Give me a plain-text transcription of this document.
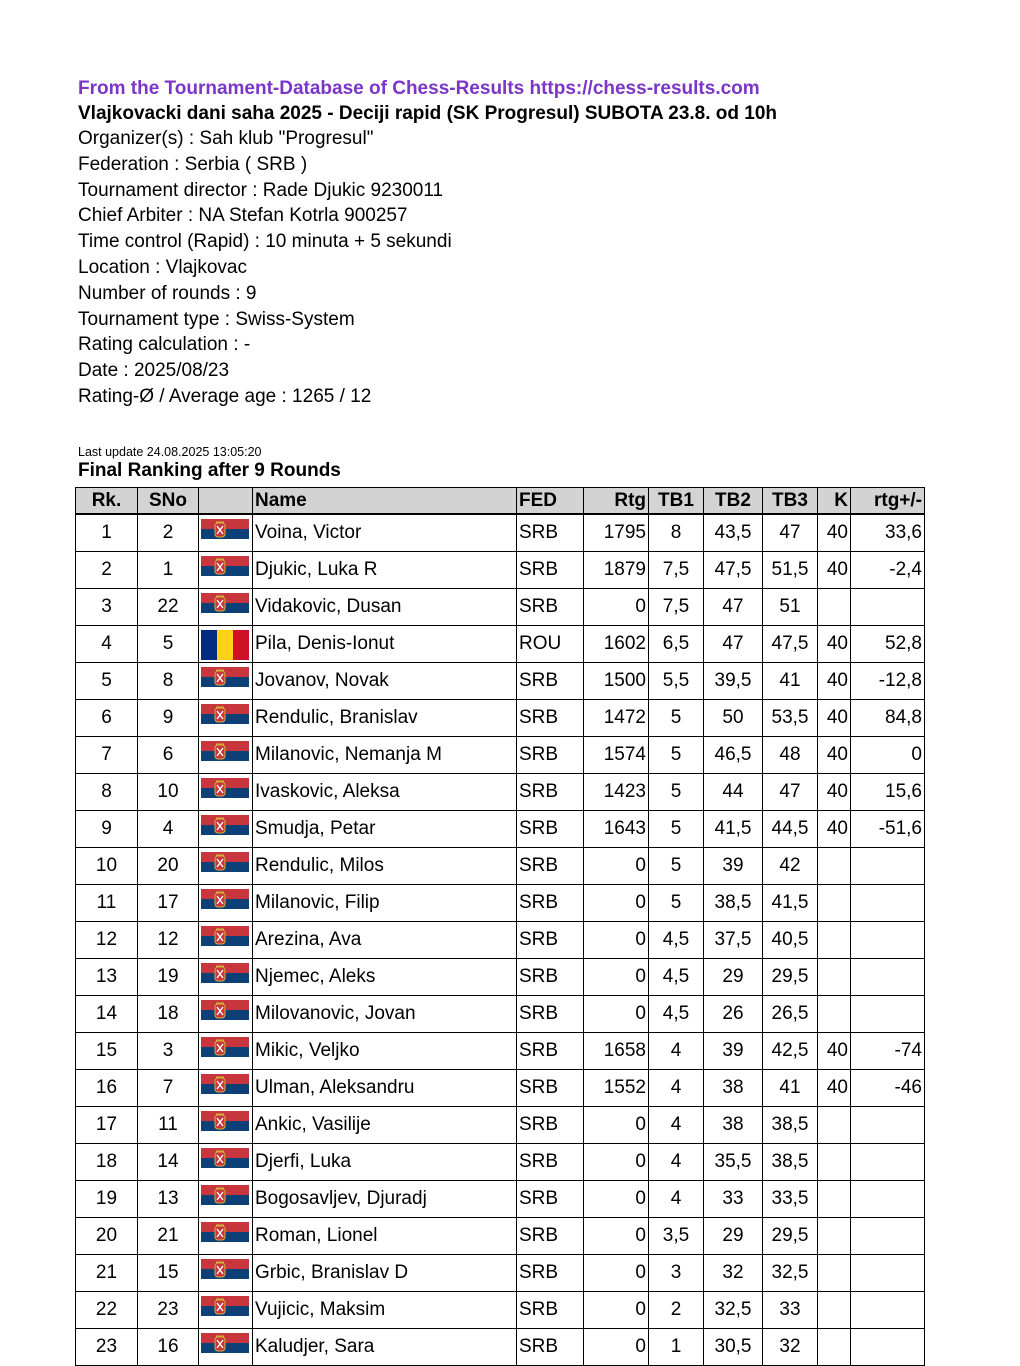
From the Tournament-Database of Chess-Results https://chess-results.com
Vlajkovacki dani saha 2025 - Deciji rapid (SK Progresul) SUBOTA 23.8. od 10h
Organizer(s) : Sah klub "Progresul"
Federation : Serbia ( SRB )
Tournament director : Rade Djukic 9230011
Chief Arbiter : NA Stefan Kotrla 900257
Time control (Rapid) : 10 minuta + 5 sekundi
Location : Vlajkovac
Number of rounds : 9
Tournament type : Swiss-System
Rating calculation : -
Date : 2025/08/23
Rating-Ø / Average age : 1265 / 12
Last update 24.08.2025 13:05:20
Final Ranking after 9 Rounds
Rk.	SNo		Name	FED	Rtg	TB1	TB2	TB3	K	rtg+/-
1	2		Voina, Victor	SRB	1795	8	43,5	47	40	33,6
2	1		Djukic, Luka R	SRB	1879	7,5	47,5	51,5	40	-2,4
3	22		Vidakovic, Dusan	SRB	0	7,5	47	51		
4	5		Pila, Denis-Ionut	ROU	1602	6,5	47	47,5	40	52,8
5	8		Jovanov, Novak	SRB	1500	5,5	39,5	41	40	-12,8
6	9		Rendulic, Branislav	SRB	1472	5	50	53,5	40	84,8
7	6		Milanovic, Nemanja M	SRB	1574	5	46,5	48	40	0
8	10		Ivaskovic, Aleksa	SRB	1423	5	44	47	40	15,6
9	4		Smudja, Petar	SRB	1643	5	41,5	44,5	40	-51,6
10	20		Rendulic, Milos	SRB	0	5	39	42		
11	17		Milanovic, Filip	SRB	0	5	38,5	41,5		
12	12		Arezina, Ava	SRB	0	4,5	37,5	40,5		
13	19		Njemec, Aleks	SRB	0	4,5	29	29,5		
14	18		Milovanovic, Jovan	SRB	0	4,5	26	26,5		
15	3		Mikic, Veljko	SRB	1658	4	39	42,5	40	-74
16	7		Ulman, Aleksandru	SRB	1552	4	38	41	40	-46
17	11		Ankic, Vasilije	SRB	0	4	38	38,5		
18	14		Djerfi, Luka	SRB	0	4	35,5	38,5		
19	13		Bogosavljev, Djuradj	SRB	0	4	33	33,5		
20	21		Roman, Lionel	SRB	0	3,5	29	29,5		
21	15		Grbic, Branislav D	SRB	0	3	32	32,5		
22	23		Vujicic, Maksim	SRB	0	2	32,5	33		
23	16		Kaludjer, Sara	SRB	0	1	30,5	32		
